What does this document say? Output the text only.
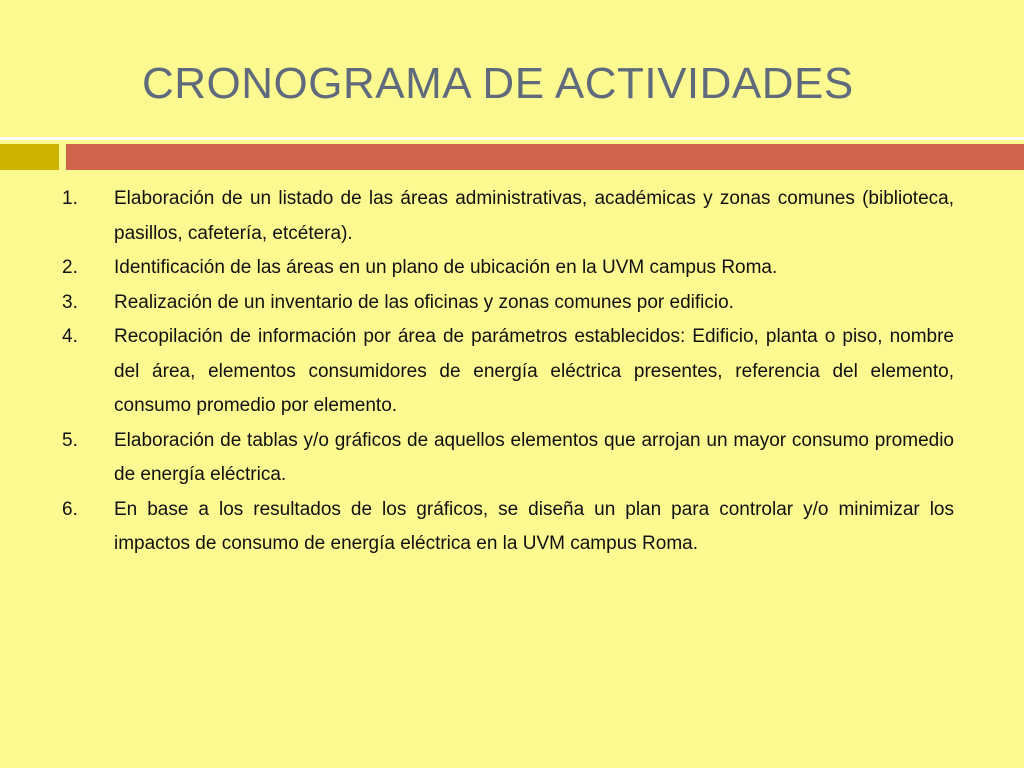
CRONOGRAMA DE ACTIVIDADES
1.	Elaboración de un listado de las áreas administrativas, académicas y zonas comunes (biblioteca, pasillos, cafetería, etcétera).
2.	Identificación de las áreas en un plano de ubicación en la UVM campus Roma.
3.	Realización de un inventario de las oficinas y zonas comunes por edificio.
4.	Recopilación de información por área de parámetros establecidos: Edificio, planta o piso, nombre del área, elementos consumidores de energía eléctrica presentes, referencia del elemento, consumo promedio por elemento.
5.	Elaboración de tablas y/o gráficos de aquellos elementos que arrojan un mayor consumo promedio de energía eléctrica.
6.	En base a los resultados de los gráficos, se diseña un plan para controlar y/o minimizar los impactos de consumo de energía eléctrica en la UVM campus Roma.
